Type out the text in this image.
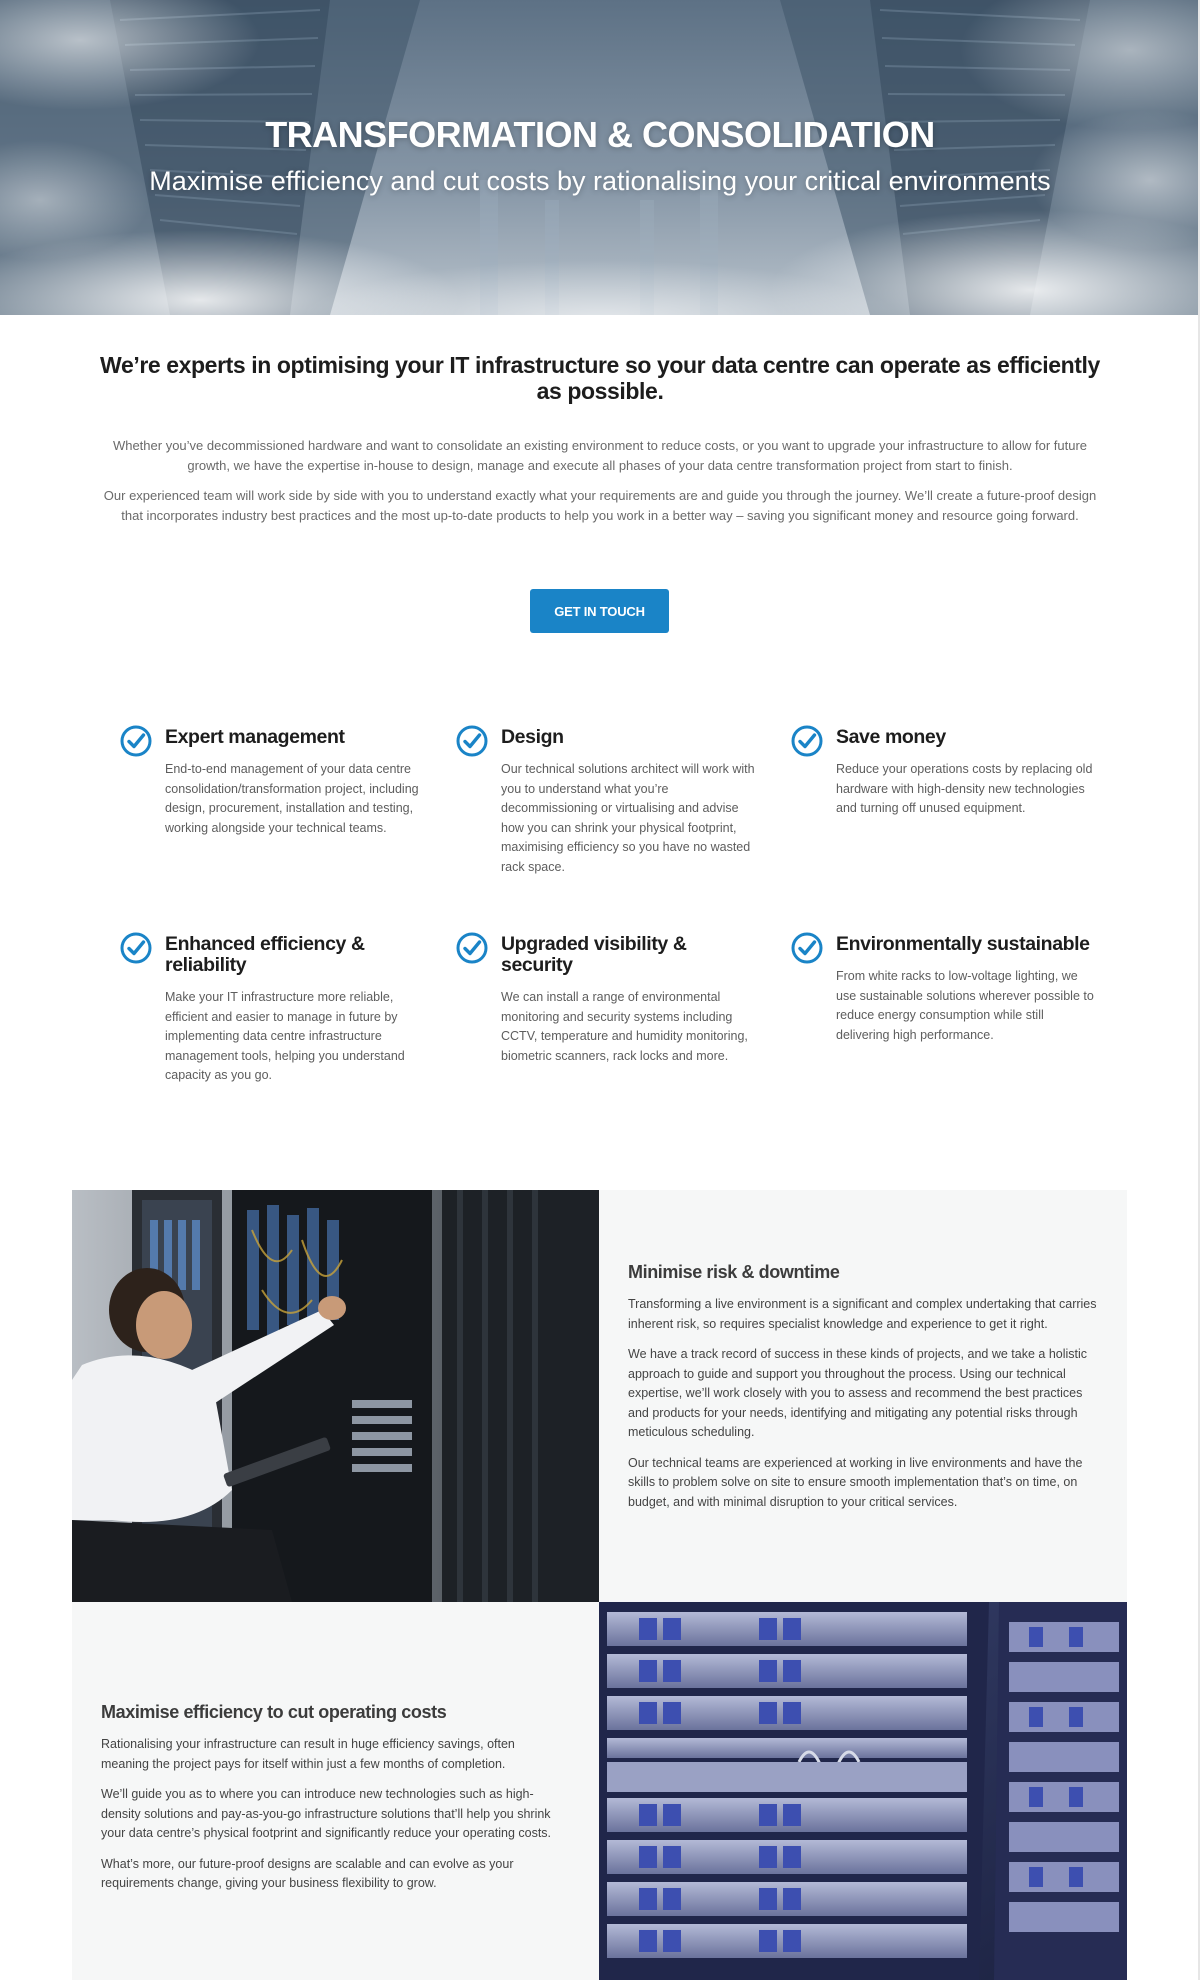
TRANSFORMATION & CONSOLIDATION
Maximise efficiency and cut costs by rationalising your critical environments
We’re experts in optimising your IT infrastructure so your data centre can operate as efficiently as possible.

Whether you’ve decommissioned hardware and want to consolidate an existing environment to reduce costs, or you want to upgrade your infrastructure to allow for future growth, we have the expertise in-house to design, manage and execute all phases of your data centre transformation project from start to finish.

Our experienced team will work side by side with you to understand exactly what your requirements are and guide you through the journey. We’ll create a future-proof design that incorporates industry best practices and the most up-to-date products to help you work in a better way – saving you significant money and resource going forward.

GET IN TOUCH
Expert management

End-to-end management of your data centre consolidation/transformation project, including design, procurement, installation and testing, working alongside your technical teams.

Design

Our technical solutions architect will work with you to understand what you’re decommissioning or virtualising and advise how you can shrink your physical footprint, maximising efficiency so you have no wasted rack space.

Save money

Reduce your operations costs by replacing old hardware with high-density new technologies and turning off unused equipment.

Enhanced efficiency & reliability

Make your IT infrastructure more reliable, efficient and easier to manage in future by implementing data centre infrastructure management tools, helping you understand capacity as you go.

Upgraded visibility & security

We can install a range of environmental monitoring and security systems including CCTV, temperature and humidity monitoring, biometric scanners, rack locks and more.

Environmentally sustainable

From white racks to low-voltage lighting, we use sustainable solutions wherever possible to reduce energy consumption while still delivering high performance.

Minimise risk & downtime

Transforming a live environment is a significant and complex undertaking that carries inherent risk, so requires specialist knowledge and experience to get it right.

We have a track record of success in these kinds of projects, and we take a holistic approach to guide and support you throughout the process. Using our technical expertise, we’ll work closely with you to assess and recommend the best practices and products for your needs, identifying and mitigating any potential risks through meticulous scheduling.

Our technical teams are experienced at working in live environments and have the skills to problem solve on site to ensure smooth implementation that’s on time, on budget, and with minimal disruption to your critical services.

Maximise efficiency to cut operating costs

Rationalising your infrastructure can result in huge efficiency savings, often meaning the project pays for itself within just a few months of completion.

We’ll guide you as to where you can introduce new technologies such as high-density solutions and pay-as-you-go infrastructure solutions that’ll help you shrink your data centre’s physical footprint and significantly reduce your operating costs.

What’s more, our future-proof designs are scalable and can evolve as your requirements change, giving your business flexibility to grow.
